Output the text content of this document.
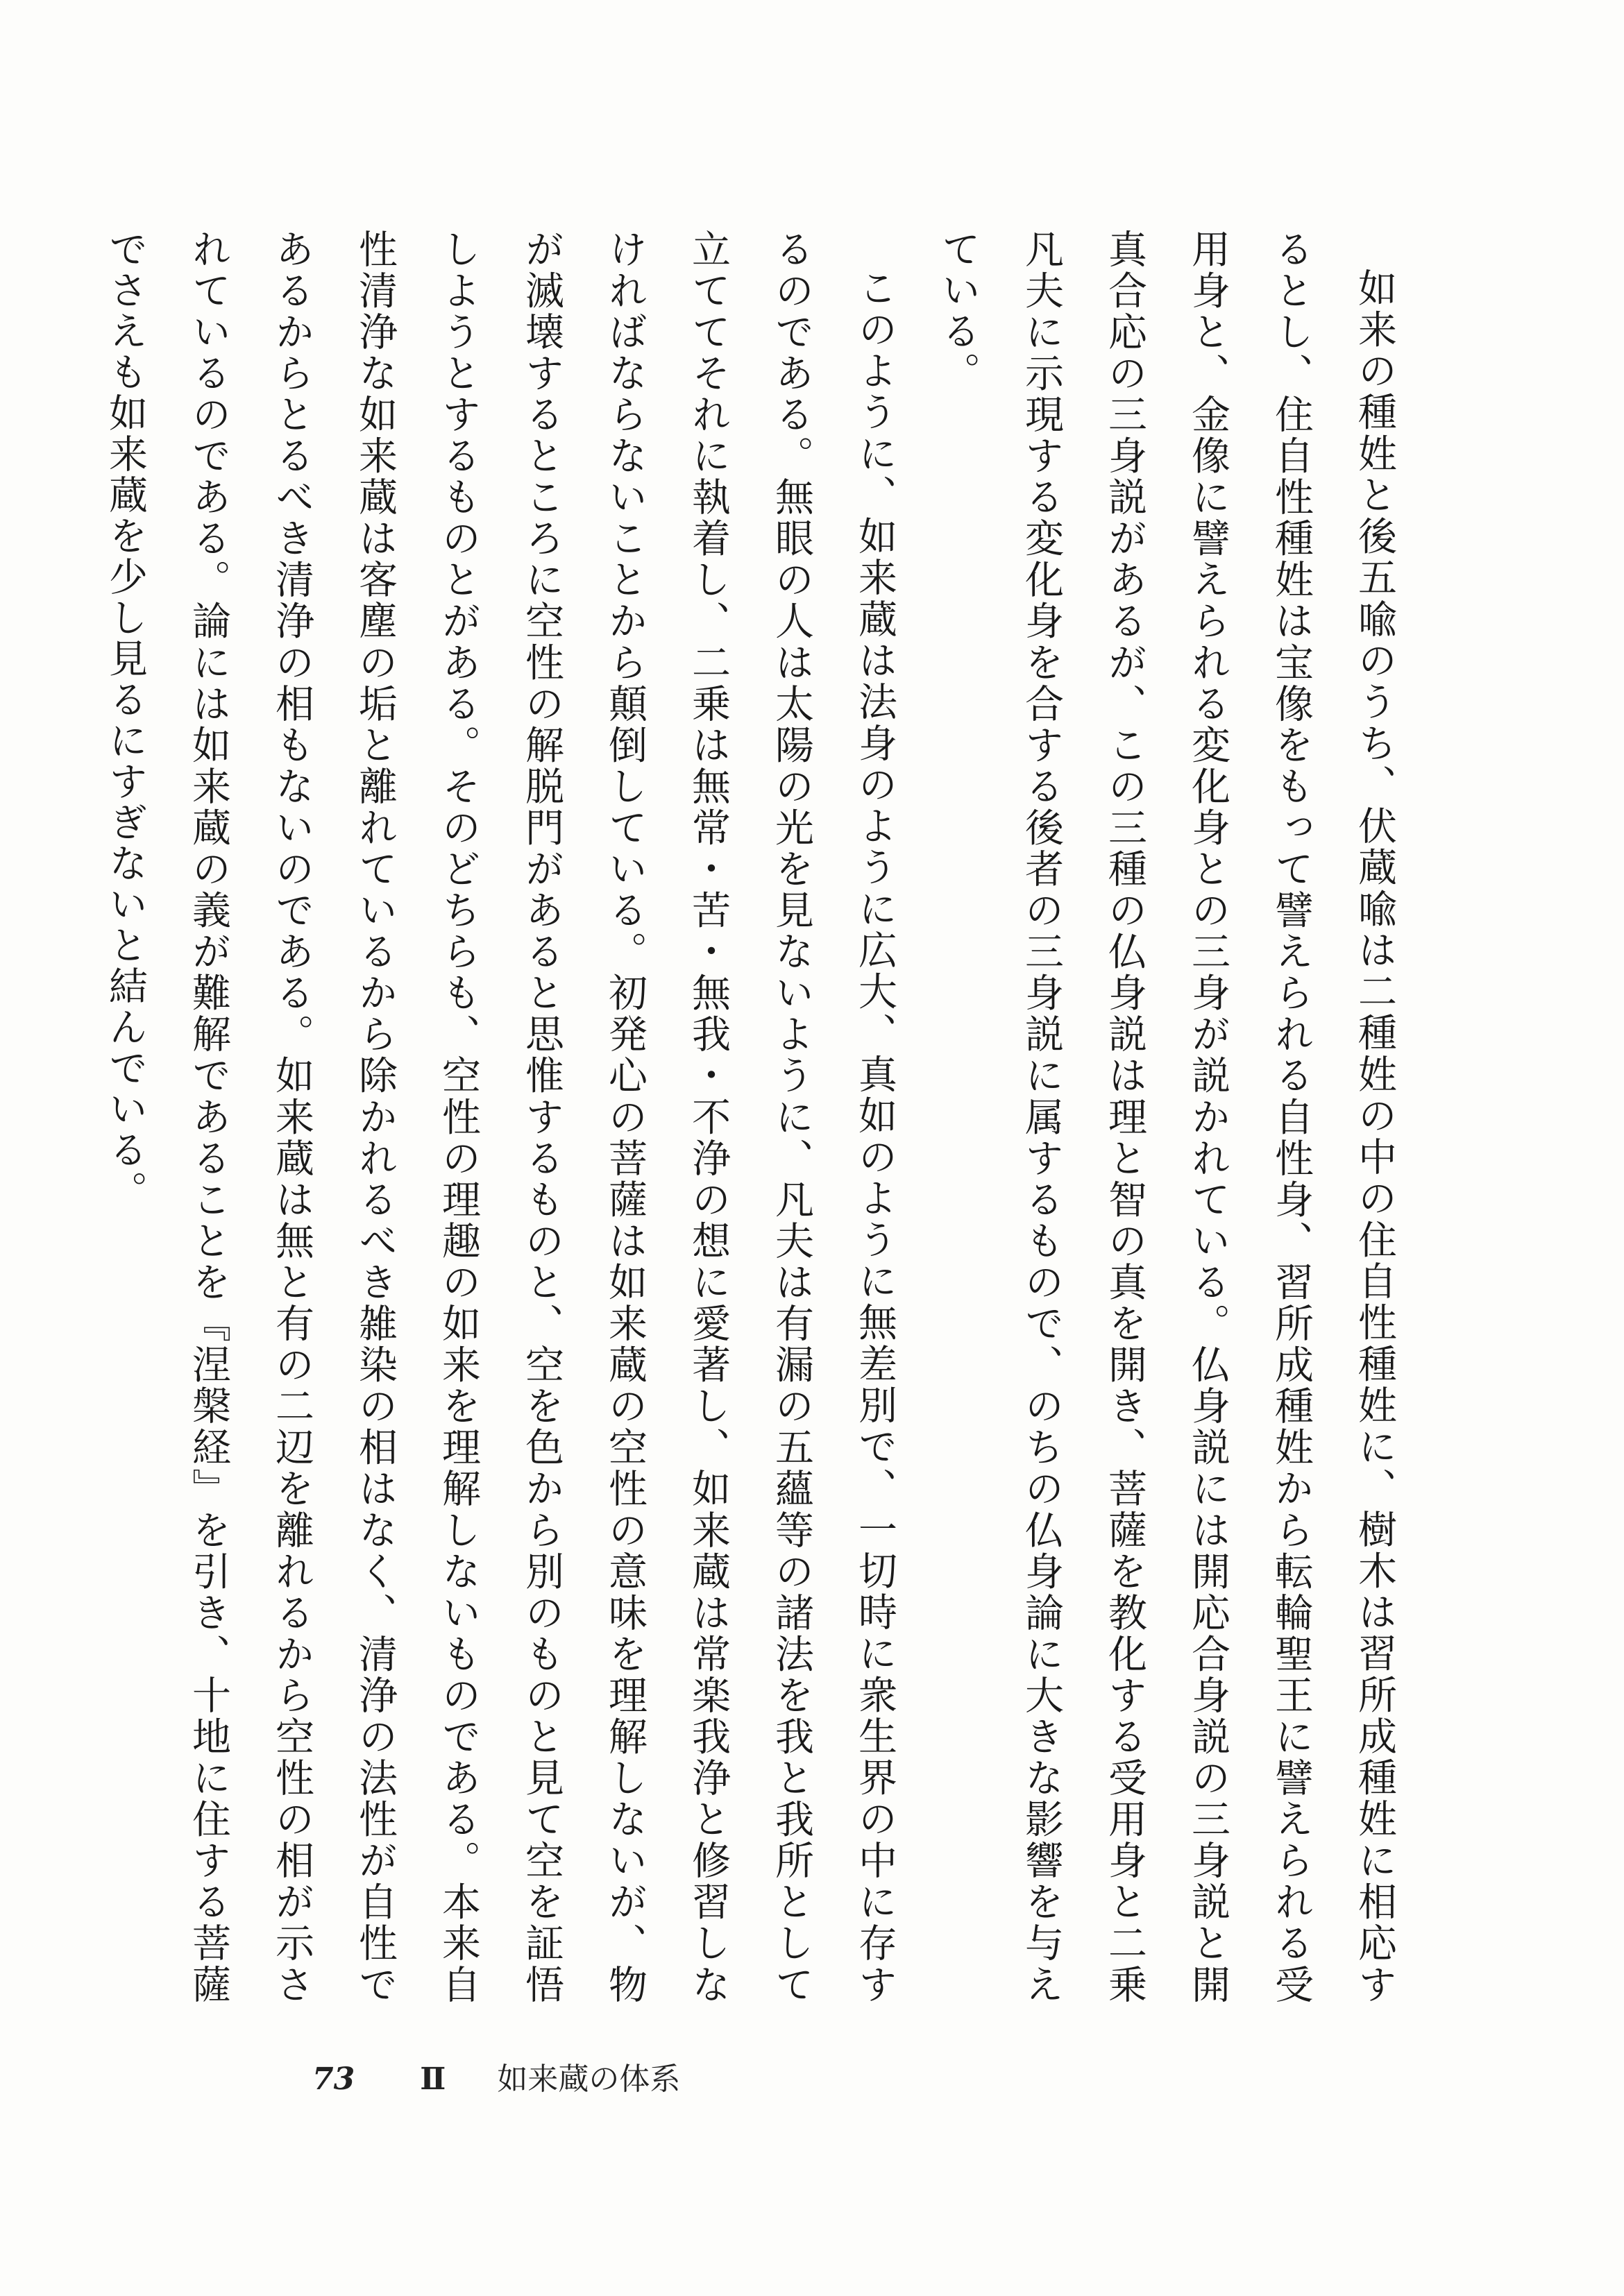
如来の種姓と後五喩のうち、伏蔵喩は二種姓の中の住自性種姓に、樹木は習所成種姓に相応するとし、住自性種姓は宝像をもって譬えられる自性身、習所成種姓から転輪聖王に譬えられる受用身と、金像に譬えられる変化身との三身が説かれている。仏身説には開応合身説の三身説と開真合応の三身説があるが、この三種の仏身説は理と智の真を開き、菩薩を教化する受用身と二乗凡夫に示現する変化身を合する後者の三身説に属するもので、のちの仏身論に大きな影響を与えている。

このように、如来蔵は法身のように広大、真如のように無差別で、一切時に衆生界の中に存するのである。無眼の人は太陽の光を見ないように、凡夫は有漏の五蘊等の諸法を我と我所として立ててそれに執着し、二乗は無常・苦・無我・不浄の想に愛著し、如来蔵は常楽我浄と修習しなければならないことから顛倒している。初発心の菩薩は如来蔵の空性の意味を理解しないが、物が滅壊するところに空性の解脱門があると思惟するものと、空を色から別のものと見て空を証悟しようとするものとがある。そのどちらも、空性の理趣の如来を理解しないものである。本来自性清浄な如来蔵は客塵の垢と離れているから除かれるべき雑染の相はなく、清浄の法性が自性であるからとるべき清浄の相もないのである。如来蔵は無と有の二辺を離れるから空性の相が示されているのである。論には如来蔵の義が難解であることを『涅槃経』を引き、十地に住する菩薩でさえも如来蔵を少し見るにすぎないと結んでいる。

73 Ⅱ 如来蔵の体系
